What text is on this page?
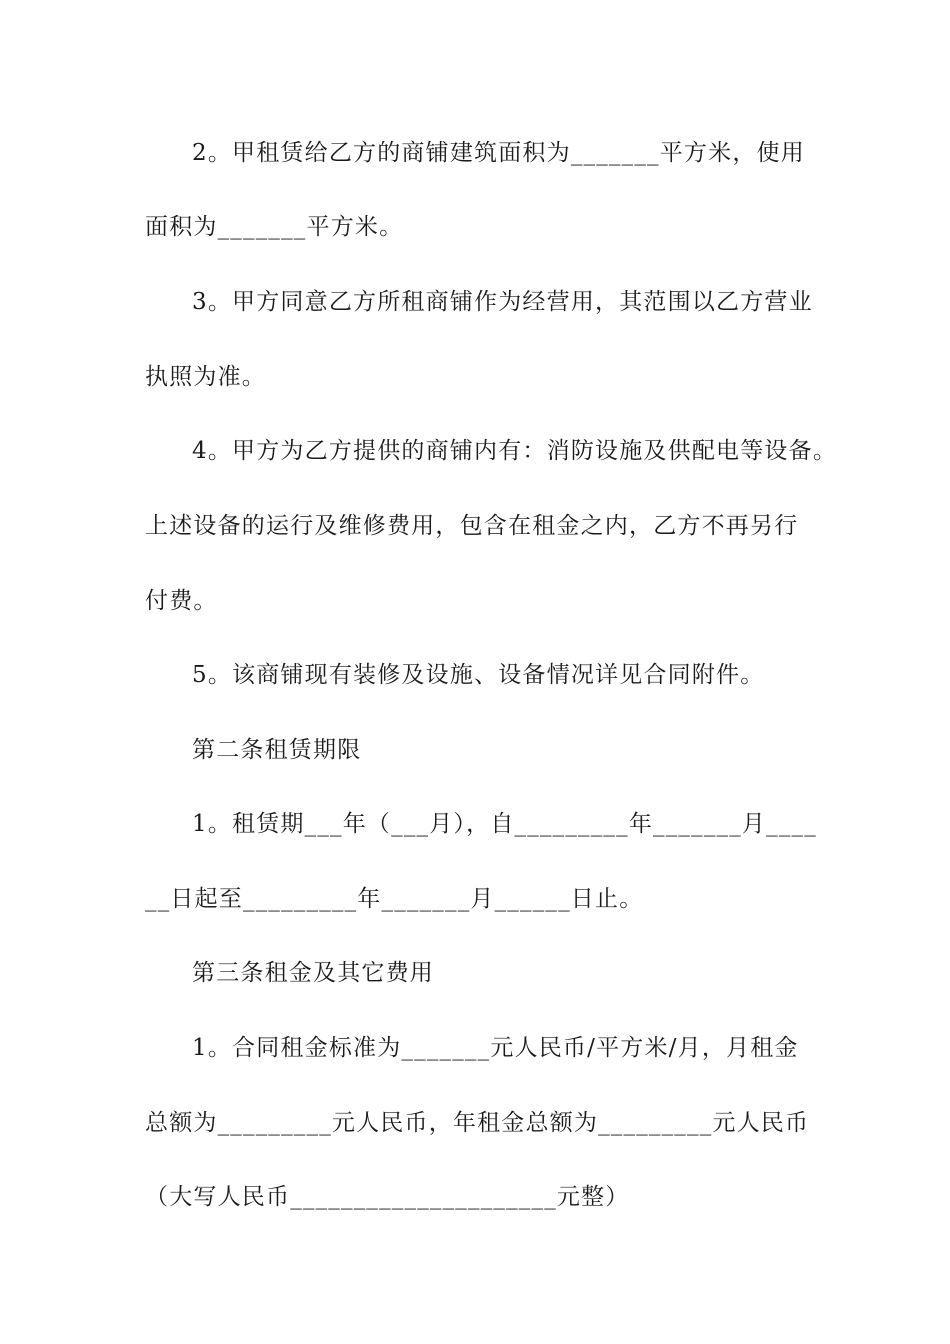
2。甲租赁给乙方的商铺建筑面积为_______平方米，使用
面积为_______平方米。
3。甲方同意乙方所租商铺作为经营用，其范围以乙方营业
执照为准。
4。甲方为乙方提供的商铺内有：消防设施及供配电等设备。
上述设备的运行及维修费用，包含在租金之内，乙方不再另行
付费。
5。该商铺现有装修及设施、设备情况详见合同附件。
第二条租赁期限
1。租赁期___年（___月），自_________年_______月____
__日起至_________年_______月______日止。
第三条租金及其它费用
1。合同租金标准为_______元人民币/平方米/月，月租金
总额为_________元人民币，年租金总额为_________元人民币
（大写人民币_____________________元整）
